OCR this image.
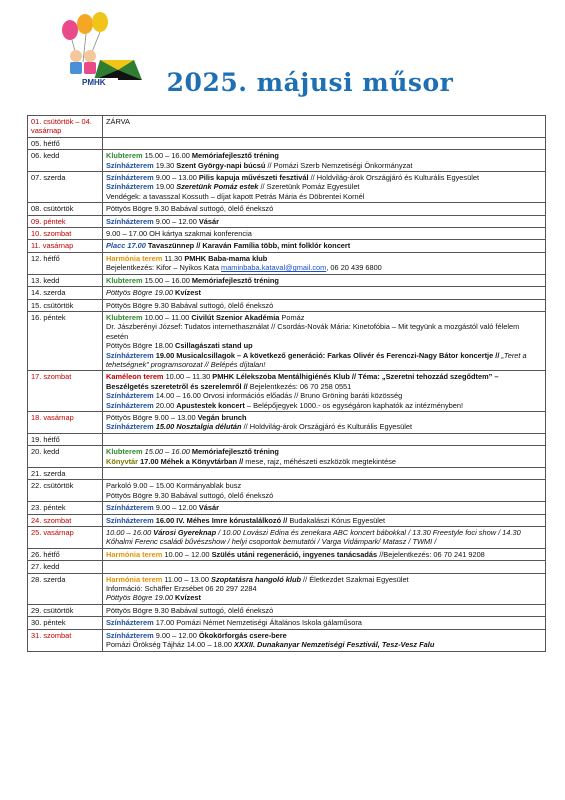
PMHK 2025. májusi műsor
01. csütörtök – 04. vasárnap	ZÁRVA

05. hétfő	

06. kedd	Klubterem 15.00 – 16.00 Memóriafejlesztő tréning
Színházterem 19.30 Szent György-napi búcsú // Pomázi Szerb Nemzetiségi Önkormányzat

07. szerda	Színházterem 9.00 – 13.00 Pilis kapuja művészeti fesztivál // Holdvilág-árok Országjáró és Kulturális Egyesület
Színházterem 19.00 Szeretünk Pomáz estek // Szeretünk Pomáz Egyesület
Vendégek: a tavasszal Kossuth – díjat kapott Petrás Mária és Döbrentei Kornél

08. csütörtök	Pöttyös Bögre 9.30 Babával suttogó, ölelő énekszó

09. péntek	Színházterem 9.00 – 12.00 Vásár

10. szombat	9.00 – 17.00 OH kártya szakmai konferencia

11. vasárnap	Placc 17.00 Tavaszünnep // Karaván Família több, mint folklór koncert

12. hétfő	Harmónia terem 11.30 PMHK Baba-mama klub
Bejelentkezés: Kifor – Nyikos Kata maminbaba.kataval@gmail.com, 06 20 439 6800

13. kedd	Klubterem 15.00 – 16.00 Memóriafejlesztő tréning

14. szerda	Pöttyös Bögre 19.00 Kvízest

15. csütörtök	Pöttyös Bögre 9.30 Babával suttogó, ölelő énekszó

16. péntek	Klubterem 10.00 – 11.00 Civilút Szenior Akadémia Pomáz
Dr. Jászberényi József: Tudatos internethasználat // Csordás-Novák Mária: Kinetofóbia – Mit tegyünk a mozgástól való félelem esetén
Pöttyös Bögre 18.00 Csillagászati stand up
Színházterem 19.00 Musicalcsillagok – A következő generáció: Farkas Olivér és Ferenczi-Nagy Bátor koncertje // „Teret a tehetségnek” programsorozat // Belépés díjtalan!

17. szombat	Kaméleon terem 10.00 – 11.30 PMHK Lélekszoba Mentálhigiénés Klub // Téma: „Szeretni tehozzád szegődtem” – Beszélgetés szeretetről és szerelemről // Bejelentkezés: 06 70 258 0551
Színházterem 14.00 – 16.00 Orvosi információs előadás // Bruno Gröning baráti közösség
Színházterem 20.00 Apustestek koncert – Belépőjegyek 1000.- os egységáron kaphatók az intézményben!

18. vasárnap	Pöttyös Bögre 9.00 – 13.00 Vegán brunch
Színházterem 15.00 Nosztalgia délután // Holdvilág-árok Országjáró és Kulturális Egyesület

19. hétfő	

20. kedd	Klubterem 15.00 – 16.00 Memóriafejlesztő tréning
Könyvtár 17.00 Méhek a Könyvtárban // mese, rajz, méhészeti eszközök megtekintése

21. szerda	

22. csütörtök	Parkoló 9.00 – 15.00 Kormányablak busz
Pöttyös Bögre 9.30 Babával suttogó, ölelő énekszó

23. péntek	Színházterem 9.00 – 12.00 Vásár

24. szombat	Színházterem 16.00 IV. Méhes Imre kórustalálkozó // Budakalászi Kórus Egyesület

25. vasárnap	10.00 – 16.00 Városi Gyereknap / 10.00 Lovászi Edina és zenekara ABC koncert bábokkal / 13.30 Freestyle foci show / 14.30 Kőhalmi Ferenc családi bűvészshow / helyi csoportok bemutatói / Varga Vidámpark/ Matasz / TWMI /

26. hétfő	Harmónia terem 10.00 – 12.00 Szülés utáni regeneráció, ingyenes tanácsadás //Bejelentkezés: 06 70 241 9208

27. kedd	

28. szerda	Harmónia terem 11.00 – 13.00 Szoptatásra hangoló klub // Életkezdet Szakmai Egyesület
Információ: Schäffer Erzsébet 06 20 297 2284
Pöttyös Bögre 19.00 Kvízest

29. csütörtök	Pöttyös Bögre 9.30 Babával suttogó, ölelő énekszó

30. péntek	Színházterem 17.00 Pomázi Német Nemzetiségi Általános Iskola gálaműsora

31. szombat	Színházterem 9.00 – 12.00 Ökokörforgás csere-bere
Pomázi Örökség Tájház 14.00 – 18.00 XXXII. Dunakanyar Nemzetiségi Fesztivál, Tesz-Vesz Falu
